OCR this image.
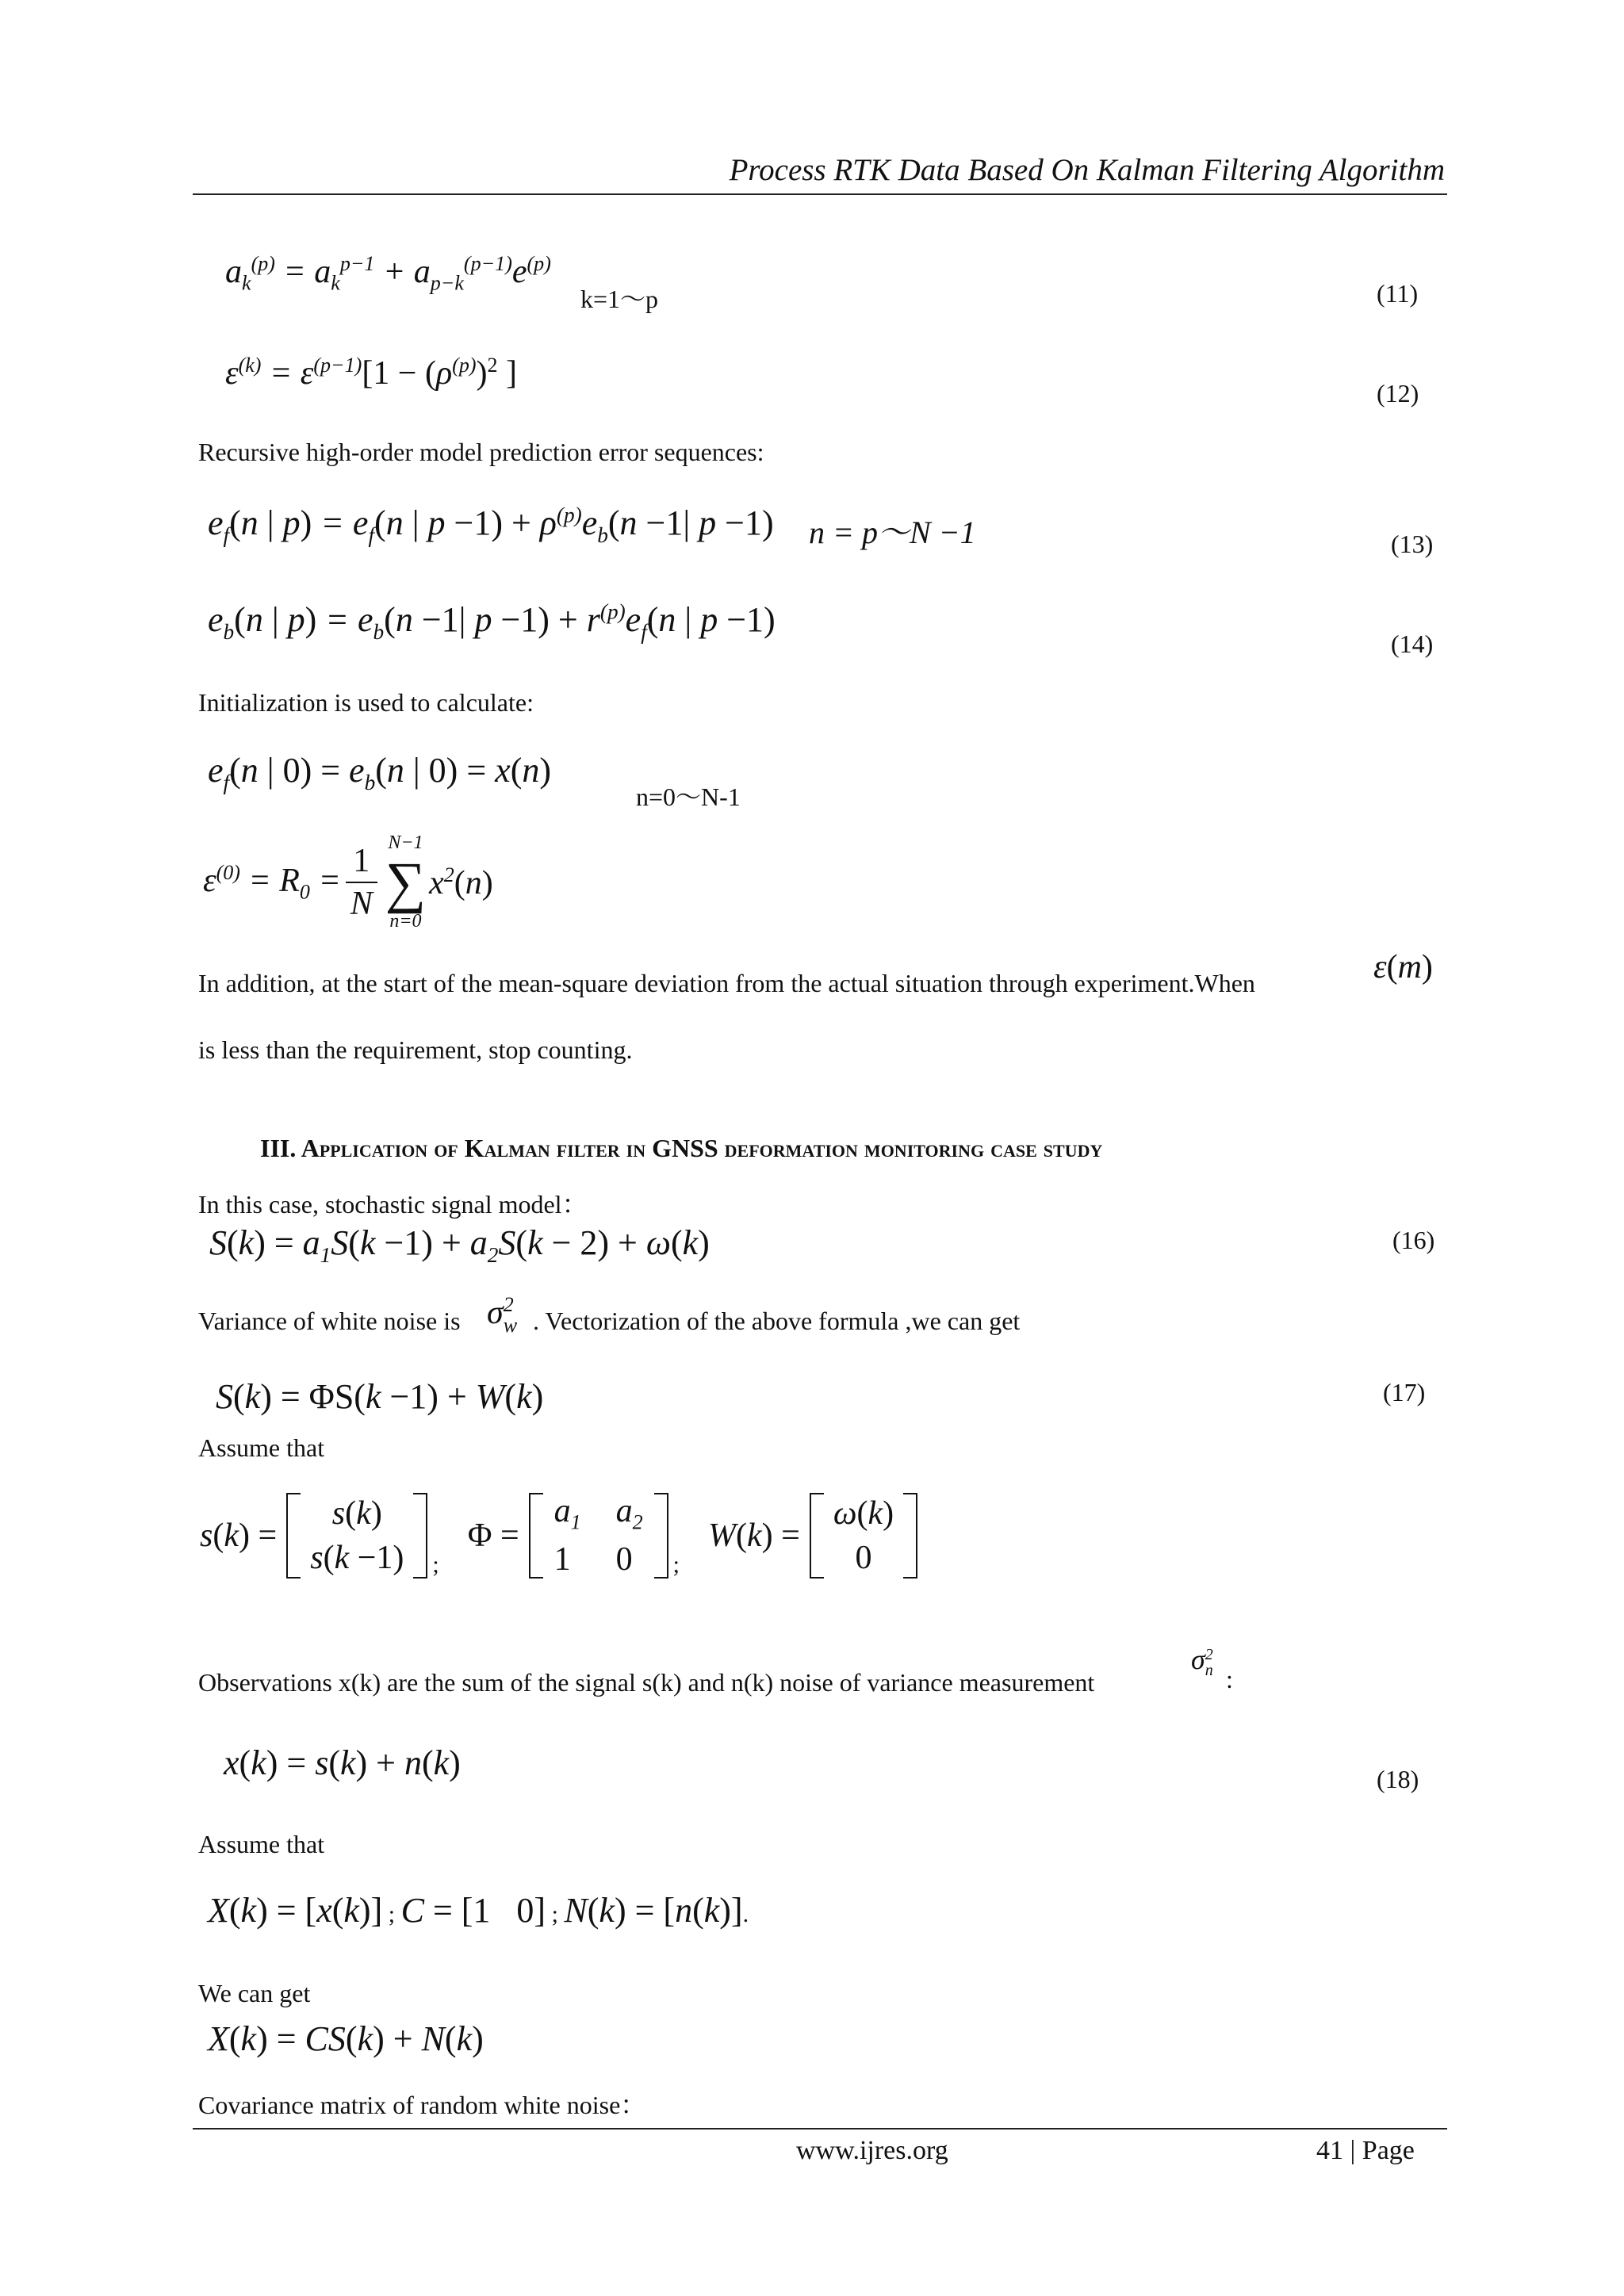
Process RTK Data Based On Kalman Filtering Algorithm
$a_k^{(p)} = a_k^{p-1} + a_{p-k}^{(p-1)}e^{(p)}$
k=1～p	(11)
$\varepsilon^{(k)} = \varepsilon^{(p-1)}[1 - (\rho^{(p)})^2$ ]
(12)
Recursive high-order model prediction error sequences:
$e_f(n$ | $p) = e_f(n$ | $p -1) + \rho^{(p)}e_b(n -1|$ p −1) n = p～N −1	(13)
$e_b(n$ | $p) = e_b(n -1|$ $p -1) + r^{(p)}e_f(n$ | p −1)
(14)
Initialization is used to calculate:
$e_f(n$ | $0) = e_b(n$ | 0) = x(n)
n=0～N-1
$\varepsilon^{(0)} = R_0 = \frac{1}{N} N-1$
∑
n=0
$x^2(n)$
In addition, at the start of the mean-square deviation from the actual situation through experiment.When	ε(m)
is less than the requirement, stop counting.
III. Application of Kalman filter in GNSS deformation monitoring case study
In this case, stochastic signal model：
$S(k) = a_1S(k -1) + a_2S(k - 2) + \omega(k)$	(16)
Variance of white noise is σ 2
w . Vectorization of the above formula ,we can get
S(k) = ΦS(k −1) + W(k)	(17)
Assume that
s(k) =
s(k)
s(k −1) ;
Φ =
$a_1$ $a_2$
1	0	;
W(k) =
ω(k)
0
Observations x(k) are the sum of the signal s(k) and n(k) noise of variance measurement
σ 2
n :
x(k) = s(k) + n(k)	(18)
Assume that
X(k) = [x(k)] ; C = [1   0] ; N(k) = [n(k)].
We can get
X(k) = CS(k) + N(k)
Covariance matrix of random white noise：
www.ijres.org	41 | Page
